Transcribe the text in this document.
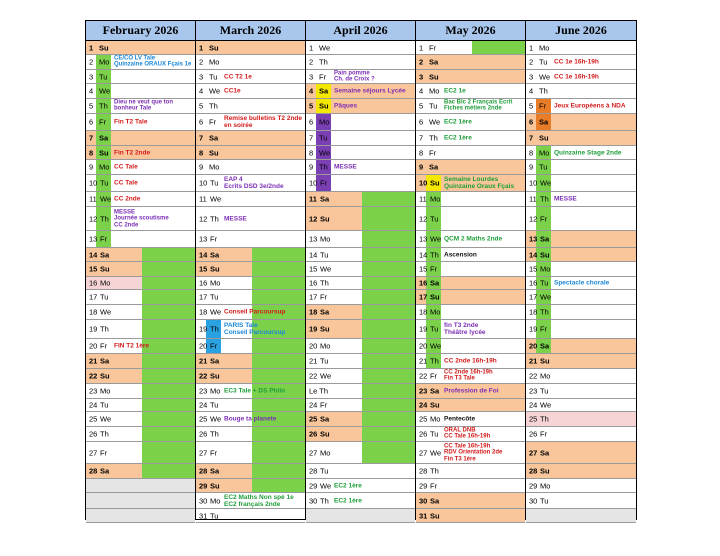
February 2026
1 Su
2 Mo CE/CO LV Tale
Quinzaine ORAUX Fçais 1e
3 Tu
4 We
5 Th Dieu ne veut que ton
bonheur Tale
6 Fr Fin T2 Tale
7 Sa
8 Su Fin T2 2nde
9 Mo CC Tale
10 Tu CC Tale
11 We CC 2nde
12 Th
MESSE
Journée scoutisme
CC 2nde
13 Fr
14 Sa
15 Su
16 Mo
17 Tu
18 We
19 Th
20 Fr FIN T2 1ère
21 Sa
22 Su
23 Mo
24 Tu
25 We
26 Th
27 Fr
28 Sa
March 2026
1 Su
2 Mo
3 Tu CC T2 1e
4 We CC1e
5 Th
6 Fr Remise bulletins T2 2nde
en soirée
7 Sa
8 Su
9 Mo
10 Tu EAP 4
Ecrits DSD 3e/2nde
11 We
12 Th MESSE
13 Fr
14 Sa
15 Su
16 Mo
17 Tu
18 We Conseil Parcoursup
19 Th PARIS Tale
Conseil Parcoursup
20 Fr
21 Sa
22 Su
23 Mo EC3 Tale + DS Philo
24 Tu
25 We Bouge ta planete
26 Th
27 Fr
28 Sa
29 Su
30 Mo EC2 Maths Non spé 1e
EC2 français 2nde
31 Tu
April 2026
1 We
2 Th
3 Fr Pain pomme
Ch. de Croix ?
4 Sa Semaine séjours Lycée
5 Su Pâques
6 Mo
7 Tu
8 We
9 Th MESSE
10 Fr
11 Sa
12 Su
13 Mo
14 Tu
15 We
16 Th
17 Fr
18 Sa
19 Su
20 Mo
21 Tu
22 We
Le Th
24 Fr
25 Sa
26 Su
27 Mo
28 Tu
29 We EC2 1ère
30 Th EC2 1ère
May 2026
1 Fr
2 Sa
3 Su
4 Mo EC2 1e
5 Tu Bac Blc 2 Français Ecrit
Fiches métiers 2nde
6 We EC2 1ère
7 Th EC2 1ère
8 Fr
9 Sa
10 Su Semaine Lourdes
Quinzaine Oraux Fçais
11 Mo
12 Tu
13 We QCM 2 Maths 2nde
14 Th Ascension
15 Fr
16 Sa
17 Su
18 Mo
19 Tu fin T3 2nde
Théâtre lycée
20 We
21 Th CC 2nde 16h-19h
22 Fr CC 2nde 16h-19h
Fin T3 Tale
23 Sa Profession de Foi
24 Su
25 Mo Pentecôte
26 Tu ORAL DNB
CC Tale 16h-19h
27 We
CC Tale 16h-19h
RDV Orientation 2de
Fin T3 1ère
28 Th
29 Fr
30 Sa
31 Su
June 2026
1 Mo
2 Tu CC 1e 16h-19h
3 We CC 1e 16h-19h
4 Th
5 Fr Jeux Européens à NDA
6 Sa
7 Su
8 Mo Quinzaine Stage 2nde
9 Tu
10 We
11 Th MESSE
12 Fr
13 Sa
14 Su
15 Mo
16 Tu Spectacle chorale
17 We
18 Th
19 Fr
20 Sa
21 Su
22 Mo
23 Tu
24 We
25 Th
26 Fr
27 Sa
28 Su
29 Mo
30 Tu
